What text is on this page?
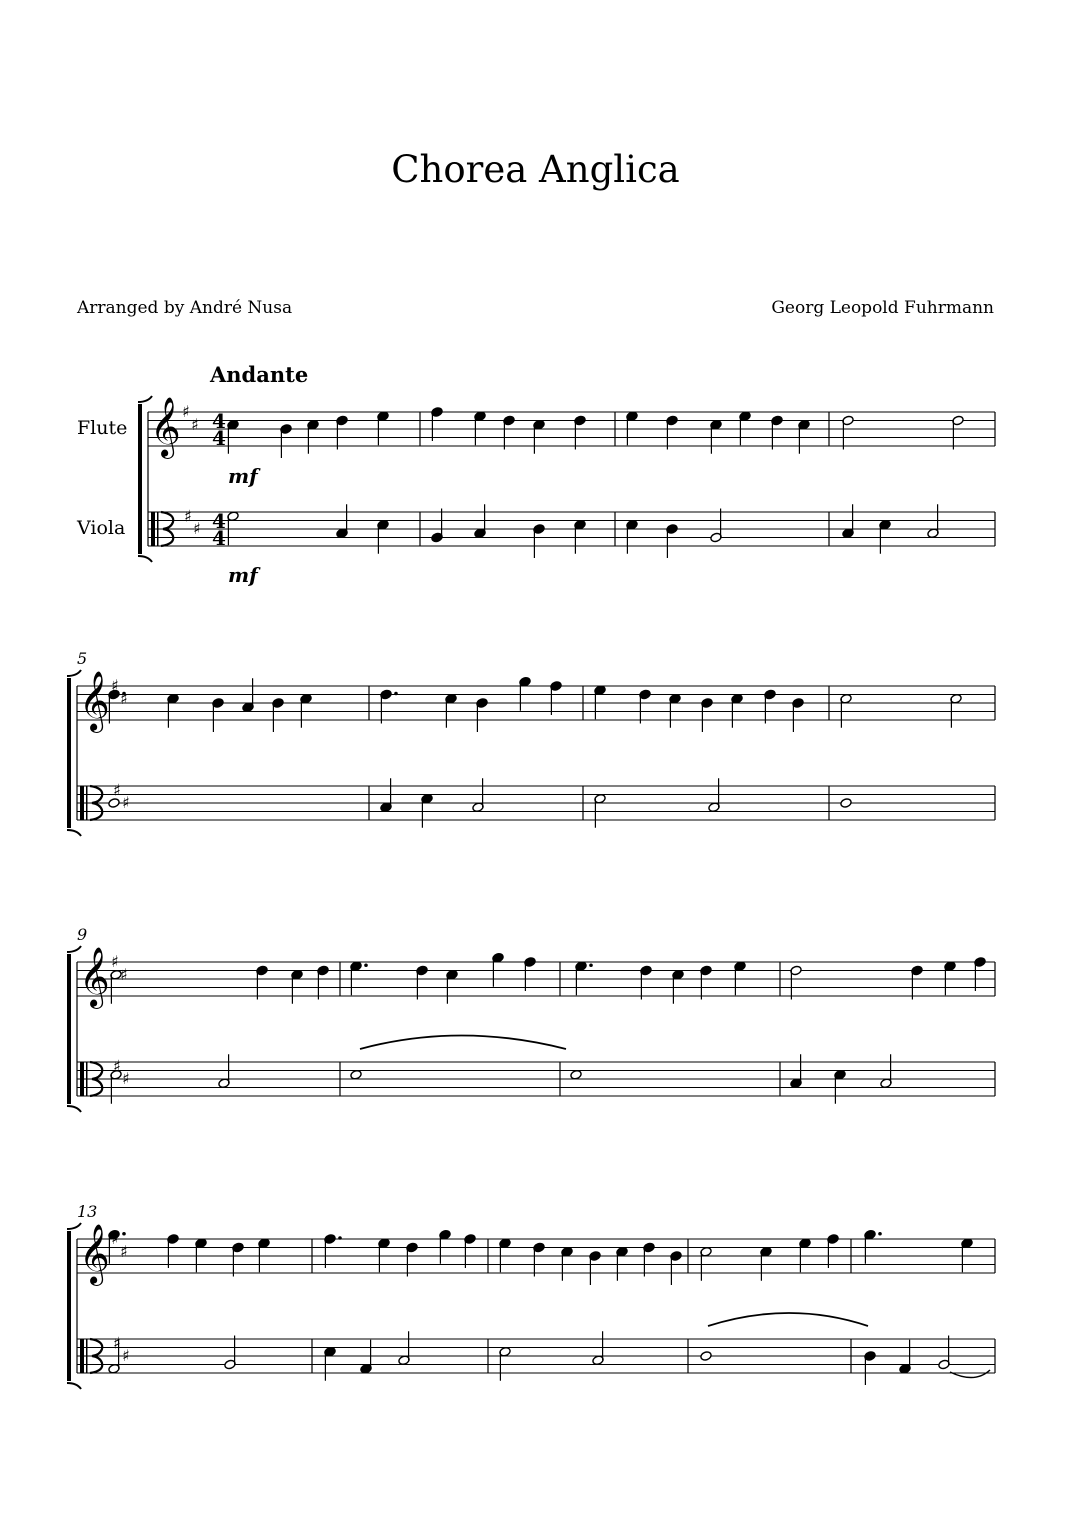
Chorea Anglica
Arranged by André Nusa	Georg Leopold Fuhrmann
Andante
Flute
Viola
𝄞 ♯
♯
♯
♯
4
4
4
4
𝄞 ♯
♯
♯
♯
5
𝄞 ♯
♯
♯
♯
9
𝄞 ♯
♯
♯
♯
13
mf
mf
